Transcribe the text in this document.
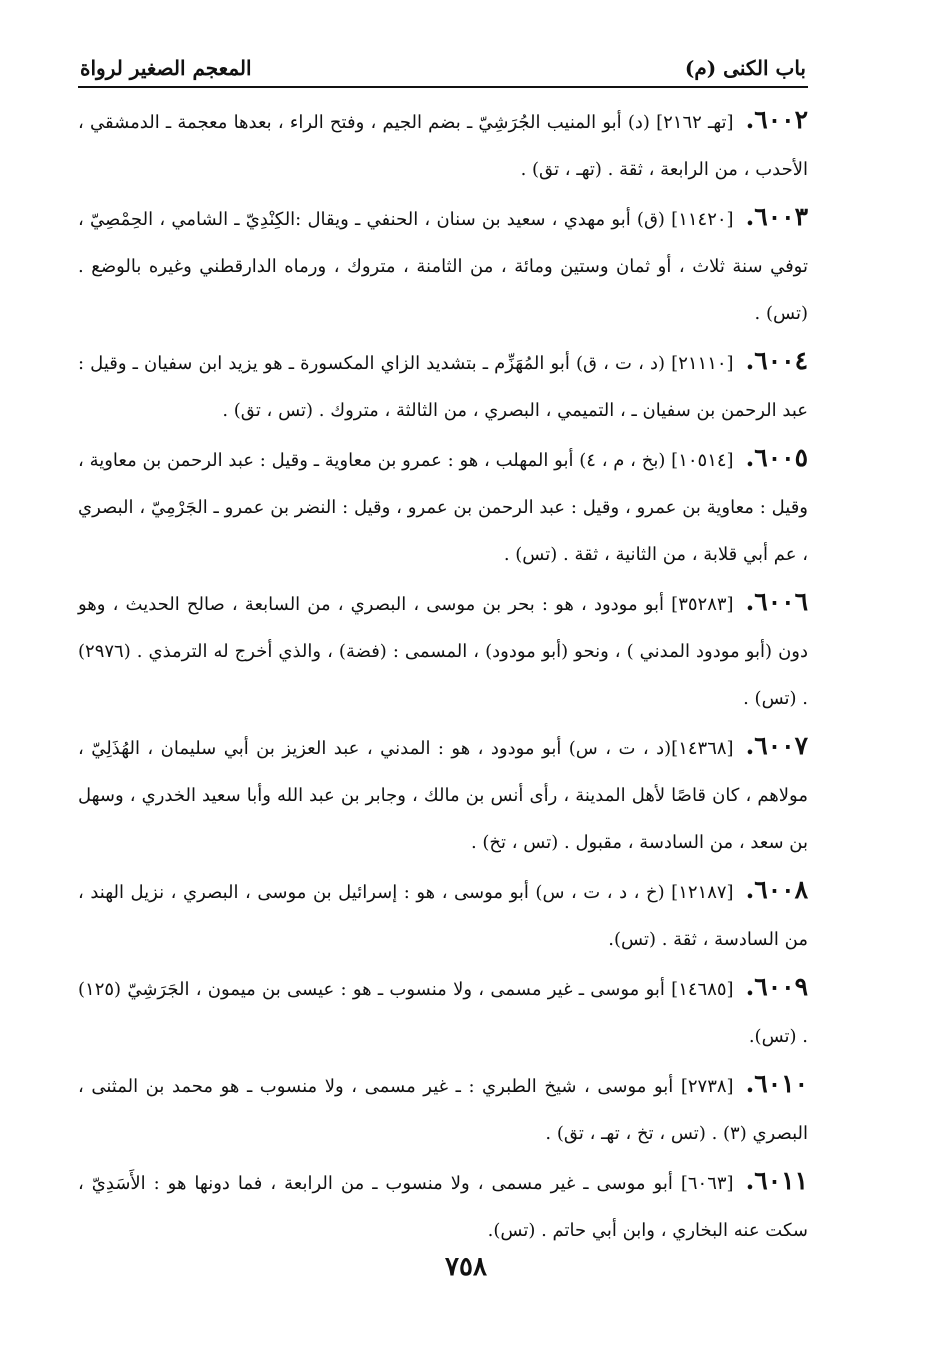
باب الكنى (م)
المعجم الصغير لرواة

٦٠٠٢.[تهـ ٢١٦٢] (د) أبو المنيب الجُرَشِيّ ـ بضم الجيم ، وفتح الراء ، بعدها معجمة ـ الدمشقي ، الأحدب ، من الرابعة ، ثقة . (تهـ ، تق) .

٦٠٠٣.[١١٤٢٠] (ق) أبو مهدي ، سعيد بن سنان ، الحنفي ـ ويقال :الكِنْدِيّ ـ الشامي ، الحِمْصِيّ ، توفي سنة ثلاث ، أو ثمان وستين ومائة ، من الثامنة ، متروك ، ورماه الدارقطني وغيره بالوضع . (تس) .

٦٠٠٤.[٢١١١٠] (د ، ت ، ق) أبو المُهَزِّم ـ بتشديد الزاي المكسورة ـ هو يزيد ابن سفيان ـ وقيل : عبد الرحمن بن سفيان ـ ، التميمي ، البصري ، من الثالثة ، متروك . (تس ، تق) .

٦٠٠٥.[١٠٥١٤] (بخ ، م ، ٤) أبو المهلب ، هو : عمرو بن معاوية ـ وقيل : عبد الرحمن بن معاوية ، وقيل : معاوية بن عمرو ، وقيل : عبد الرحمن بن عمرو ، وقيل : النضر بن عمرو ـ الجَرْمِيّ ، البصري ، عم أبي قلابة ، من الثانية ، ثقة . (تس) .

٦٠٠٦.[٣٥٢٨٣] أبو مودود ، هو : بحر بن موسى ، البصري ، من السابعة ، صالح الحديث ، وهو دون (أبو مودود المدني ) ، ونحو (أبو مودود) ، المسمى : (فضة) ، والذي أخرج له الترمذي . (٢٩٧٦) . (تس) .

٦٠٠٧.[١٤٣٦٨](د ، ت ، س) أبو مودود ، هو : المدني ، عبد العزيز بن أبي سليمان ، الهُذَلِيّ ، مولاهم ، كان قاصًا لأهل المدينة ، رأى أنس بن مالك ، وجابر بن عبد الله وأبا سعيد الخدري ، وسهل بن سعد ، من السادسة ، مقبول . (تس ، تخ) .

٦٠٠٨.[١٢١٨٧] (خ ، د ، ت ، س) أبو موسى ، هو : إسرائيل بن موسى ، البصري ، نزيل الهند ، من السادسة ، ثقة . (تس).

٦٠٠٩.[١٤٦٨٥] أبو موسى ـ غير مسمى ، ولا منسوب ـ هو : عيسى بن ميمون ، الجَرَشِيّ (١٢٥) . (تس).

٦٠١٠.[٢٧٣٨] أبو موسى ، شيخ الطبري : ـ غير مسمى ، ولا منسوب ـ هو محمد بن المثنى ، البصري (٣) . (تس ، تخ ، تهـ ، تق) .

٦٠١١.[٦٠٦٣] أبو موسى ـ غير مسمى ، ولا منسوب ـ من الرابعة ، فما دونها هو : الأَسَدِيّ ، سكت عنه البخاري ، وابن أبي حاتم . (تس).

٧٥٨
